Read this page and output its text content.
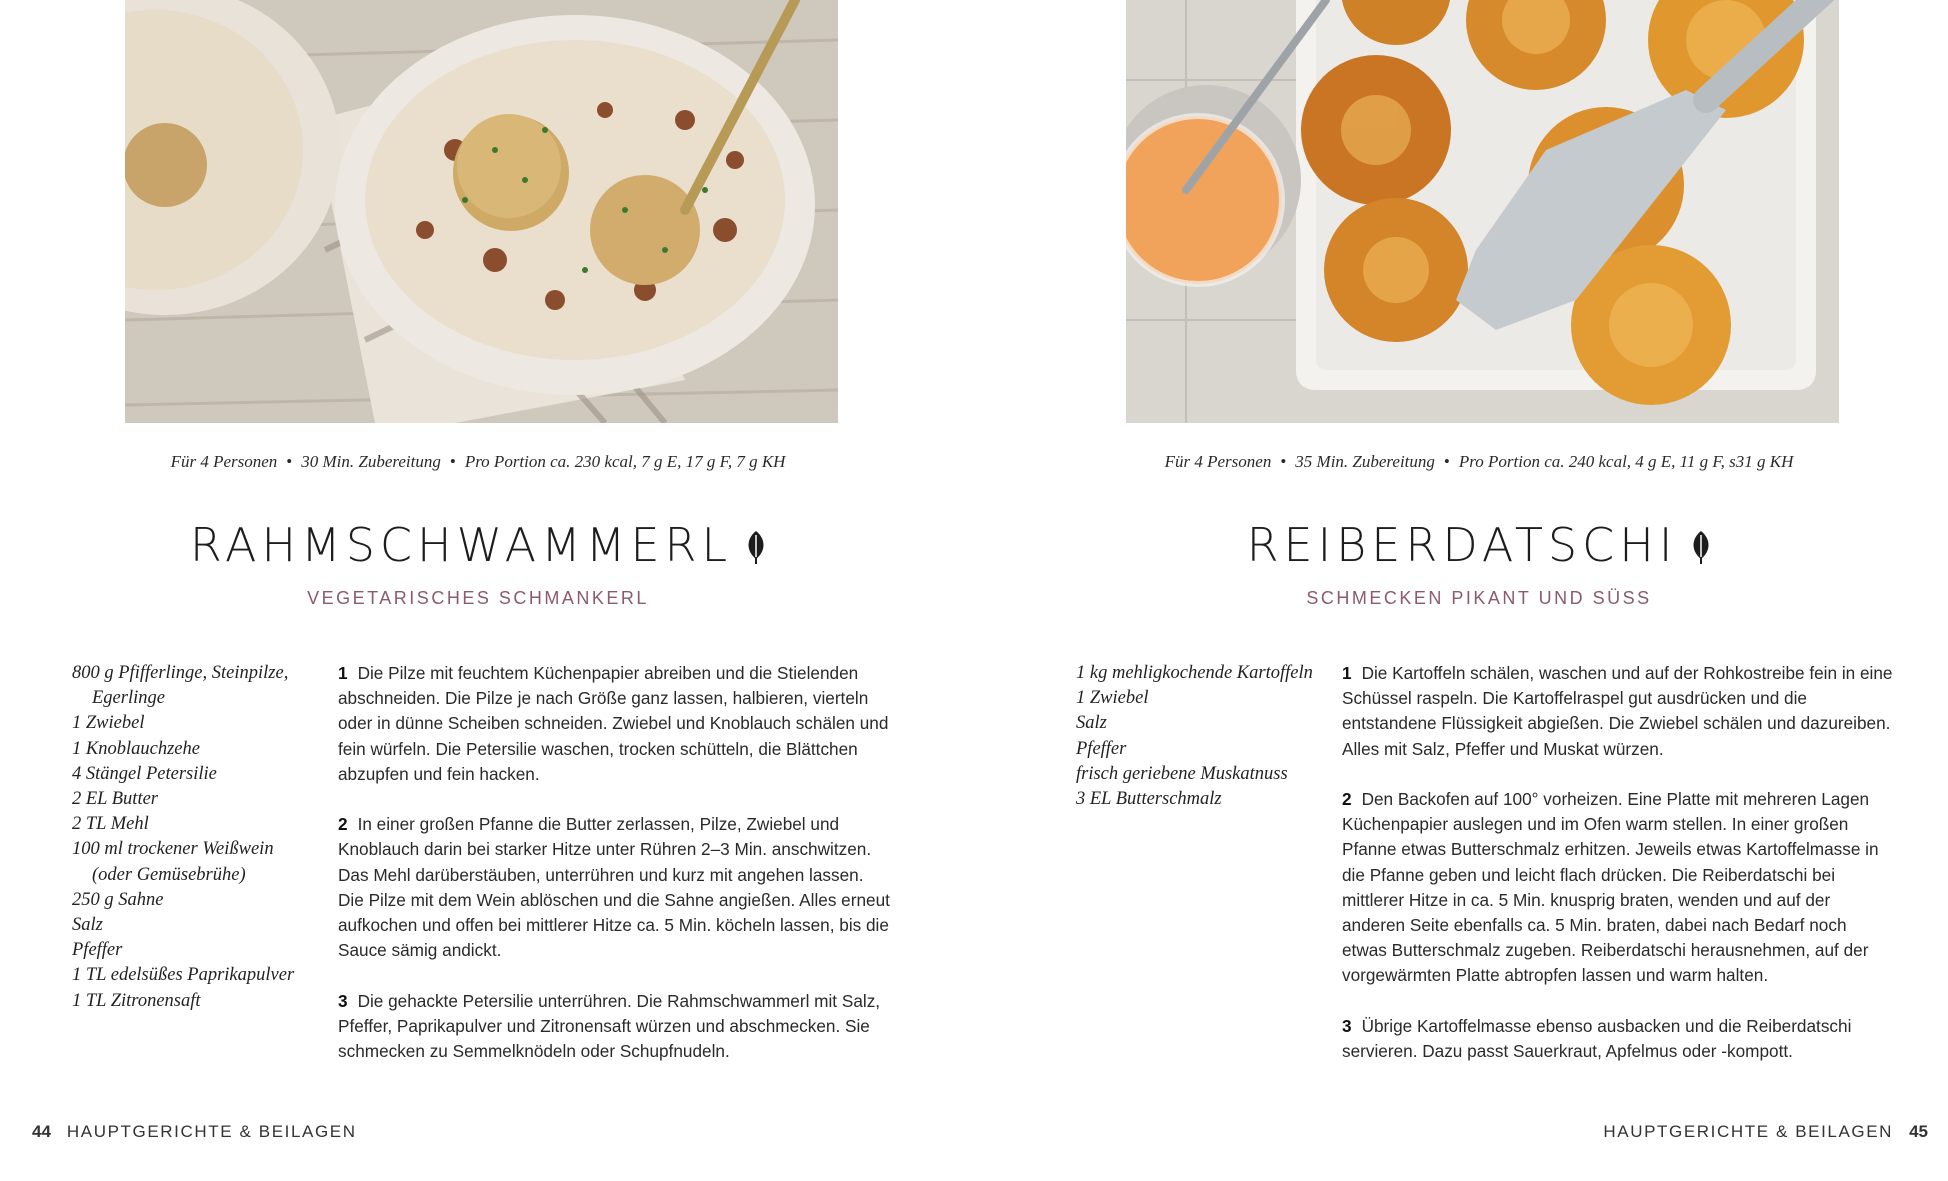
Für 4 Personen • 30 Min. Zubereitung • Pro Portion ca. 230 kcal, 7 g E, 17 g F, 7 g KH
RAHMSCHWAMMERL
VEGETARISCHES SCHMANKERL
800 g Pfifferlinge, Steinpilze, Egerlinge
1 Zwiebel
1 Knoblauchzehe
4 Stängel Petersilie
2 EL Butter
2 TL Mehl
100 ml trockener Weißwein (oder Gemüsebrühe)
250 g Sahne
Salz
Pfeffer
1 TL edelsüßes Paprikapulver
1 TL Zitronensaft
1 Die Pilze mit feuchtem Küchenpapier abreiben und die Stielenden abschneiden. Die Pilze je nach Größe ganz lassen, halbieren, vierteln oder in dünne Scheiben schneiden. Zwiebel und Knoblauch schälen und fein würfeln. Die Petersilie waschen, trocken schütteln, die Blättchen abzupfen und fein hacken.
2 In einer großen Pfanne die Butter zerlassen, Pilze, Zwiebel und Knoblauch darin bei starker Hitze unter Rühren 2–3 Min. anschwitzen. Das Mehl darüberstäuben, unterrühren und kurz mit angehen lassen. Die Pilze mit dem Wein ablöschen und die Sahne angießen. Alles erneut aufkochen und offen bei mittlerer Hitze ca. 5 Min. köcheln lassen, bis die Sauce sämig andickt.
3 Die gehackte Petersilie unterrühren. Die Rahmschwammerl mit Salz, Pfeffer, Paprikapulver und Zitronensaft würzen und abschmecken. Sie schmecken zu Semmelknödeln oder Schupfnudeln.
44 HAUPTGERICHTE & BEILAGEN
Für 4 Personen • 35 Min. Zubereitung • Pro Portion ca. 240 kcal, 4 g E, 11 g F, s31 g KH
REIBERDATSCHI
SCHMECKEN PIKANT UND SÜSS
1 kg mehligkochende Kartoffeln
1 Zwiebel
Salz
Pfeffer
frisch geriebene Muskatnuss
3 EL Butterschmalz
1 Die Kartoffeln schälen, waschen und auf der Rohkostreibe fein in eine Schüssel raspeln. Die Kartoffelraspel gut ausdrücken und die entstandene Flüssigkeit abgießen. Die Zwiebel schälen und dazureiben. Alles mit Salz, Pfeffer und Muskat würzen.
2 Den Backofen auf 100° vorheizen. Eine Platte mit mehreren Lagen Küchenpapier auslegen und im Ofen warm stellen. In einer großen Pfanne etwas Butterschmalz erhitzen. Jeweils etwas Kartoffelmasse in die Pfanne geben und leicht flach drücken. Die Reiberdatschi bei mittlerer Hitze in ca. 5 Min. knusprig braten, wenden und auf der anderen Seite ebenfalls ca. 5 Min. braten, dabei nach Bedarf noch etwas Butterschmalz zugeben. Reiberdatschi herausnehmen, auf der vorgewärmten Platte abtropfen lassen und warm halten.
3 Übrige Kartoffelmasse ebenso ausbacken und die Reiberdatschi servieren. Dazu passt Sauerkraut, Apfelmus oder -kompott.
HAUPTGERICHTE & BEILAGEN 45
